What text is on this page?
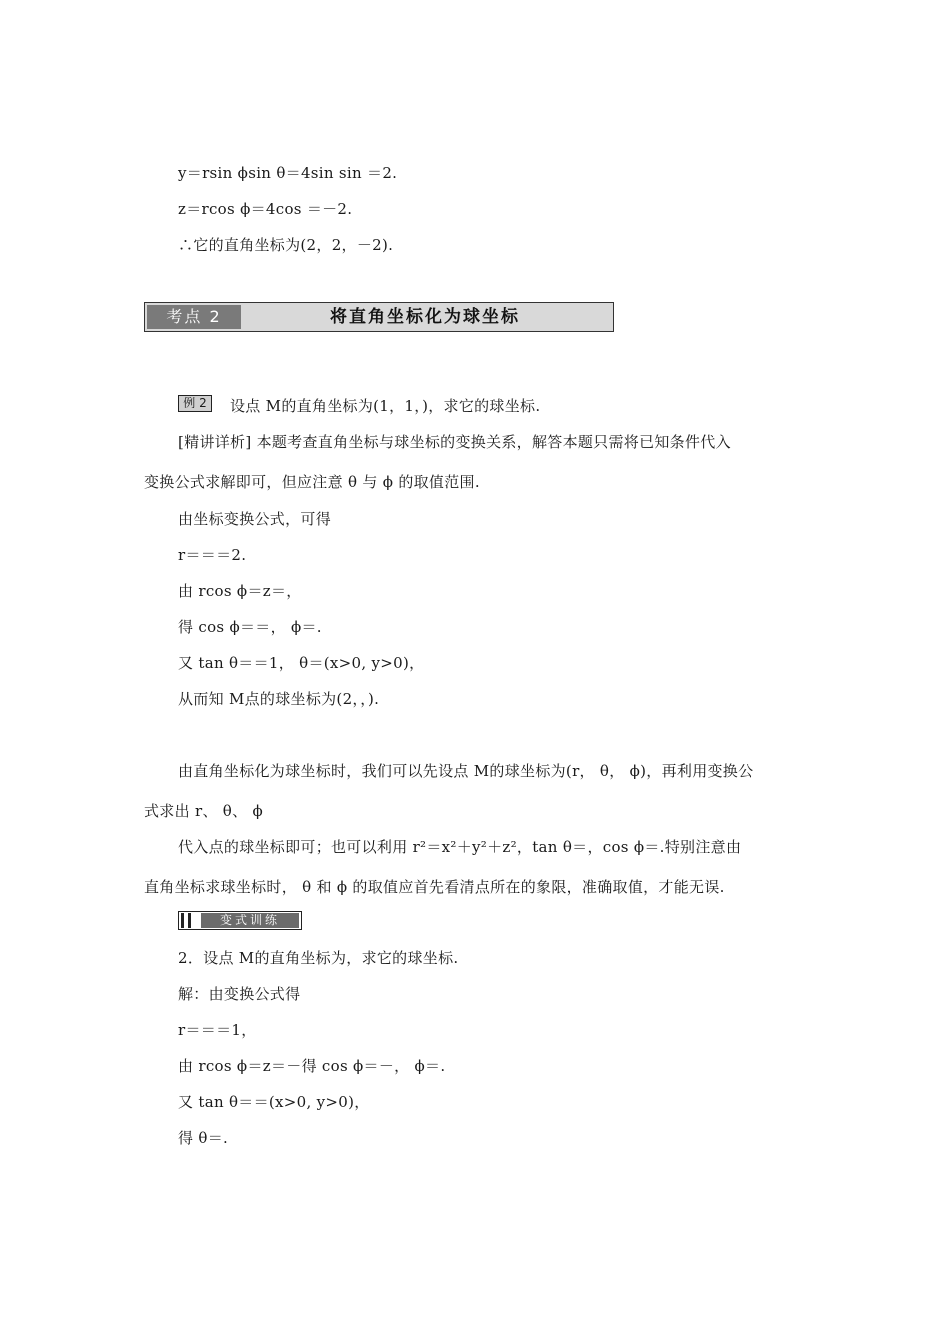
y＝rsin ϕsin θ＝4sin sin ＝2.
z＝rcos ϕ＝4cos ＝－2.
∴它的直角坐标为(2，2，－2).
考点 2	将直角坐标化为球坐标
例 2	设点 M的直角坐标为(1，1，)，求它的球坐标.
[精讲详析] 本题考查直角坐标与球坐标的变换关系，解答本题只需将已知条件代入
变换公式求解即可，但应注意 θ 与 ϕ 的取值范围.
由坐标变换公式，可得
r＝＝＝2.
由 rcos ϕ＝z＝，
得 cos ϕ＝＝， ϕ＝.
又 tan θ＝＝1， θ＝(x>0, y>0)，
从而知 M点的球坐标为(2，，).
由直角坐标化为球坐标时，我们可以先设点 M的球坐标为(r， θ， ϕ)，再利用变换公
式求出 r、 θ、 ϕ
代入点的球坐标即可；也可以利用 r²＝x²＋y²＋z²，tan θ＝，cos ϕ＝.特别注意由
直角坐标求球坐标时， θ 和 ϕ 的取值应首先看清点所在的象限，准确取值，才能无误.
变式训练
2．设点 M的直角坐标为，求它的球坐标.
解：由变换公式得
r＝＝＝1，
由 rcos ϕ＝z＝－得 cos ϕ＝－， ϕ＝.
又 tan θ＝＝(x>0, y>0)，
得 θ＝.
